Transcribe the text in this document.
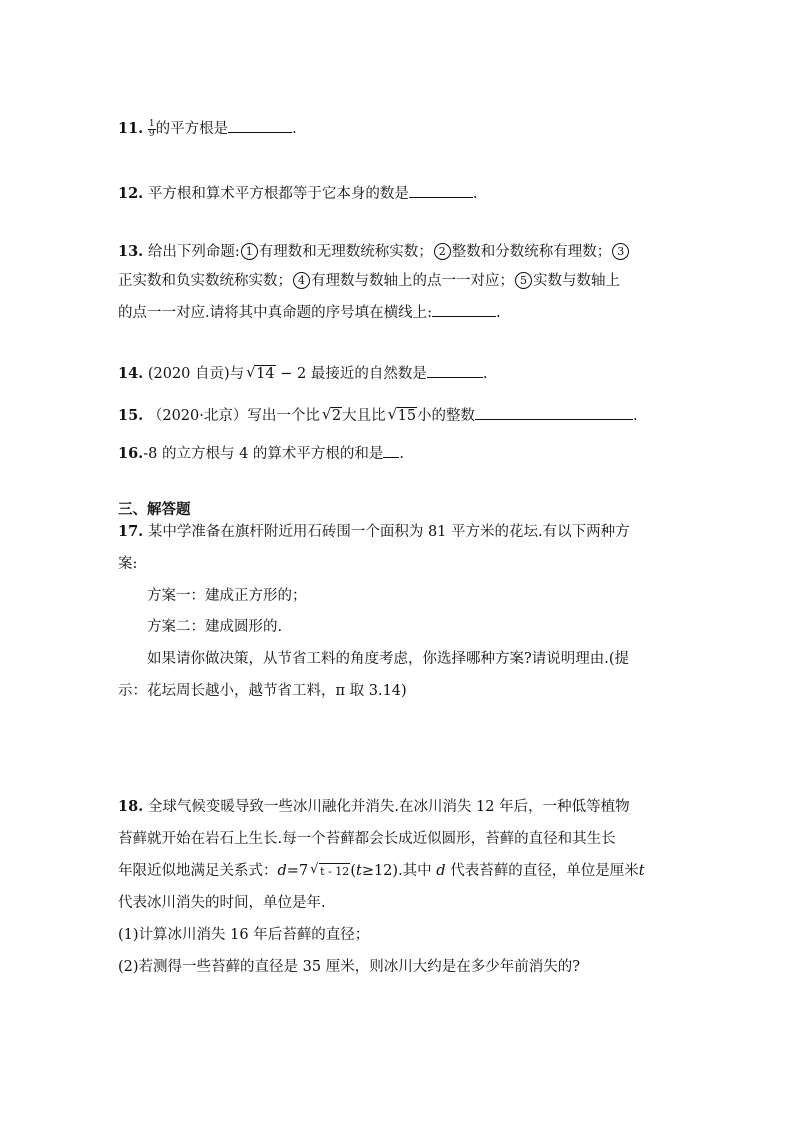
11. $\frac{1}{9}$ 的平方根是	.
12. 平方根和算术平方根都等于它本身的数是	.
13. 给出下列命题: 1 有理数和无理数统称实数； 2 整数和分数统称有理数； 3
正实数和负实数统称实数； 4 有理数与数轴上的点一一对应； 5 实数与数轴上
的点一一对应.请将其中真命题的序号填在横线上:	.
14. (2020 自贡)与 √ 14 − 2 最接近的自然数是	.
15. （2020·北京）写出一个比 √ 2大且比 √ 15小的整数	.
16.-8 的立方根与 4 的算术平方根的和是 .
三、解答题
17. 某中学准备在旗杆附近用石砖围一个面积为 81 平方米的花坛.有以下两种方
案:
方案一：建成正方形的；
方案二：建成圆形的.
如果请你做决策，从节省工料的角度考虑，你选择哪种方案?请说明理由.(提
示：花坛周长越小，越节省工料，π 取 3.14)
18. 全球气候变暖导致一些冰川融化并消失.在冰川消失 12 年后，一种低等植物
苔藓就开始在岩石上生长.每一个苔藓都会长成近似圆形，苔藓的直径和其生长
年限近似地满足关系式：d=7 √ t - 12(t≥12).其中 d 代表苔藓的直径，单位是厘米t
代表冰川消失的时间，单位是年.
(1)计算冰川消失 16 年后苔藓的直径；
(2)若测得一些苔藓的直径是 35 厘米，则冰川大约是在多少年前消失的?
